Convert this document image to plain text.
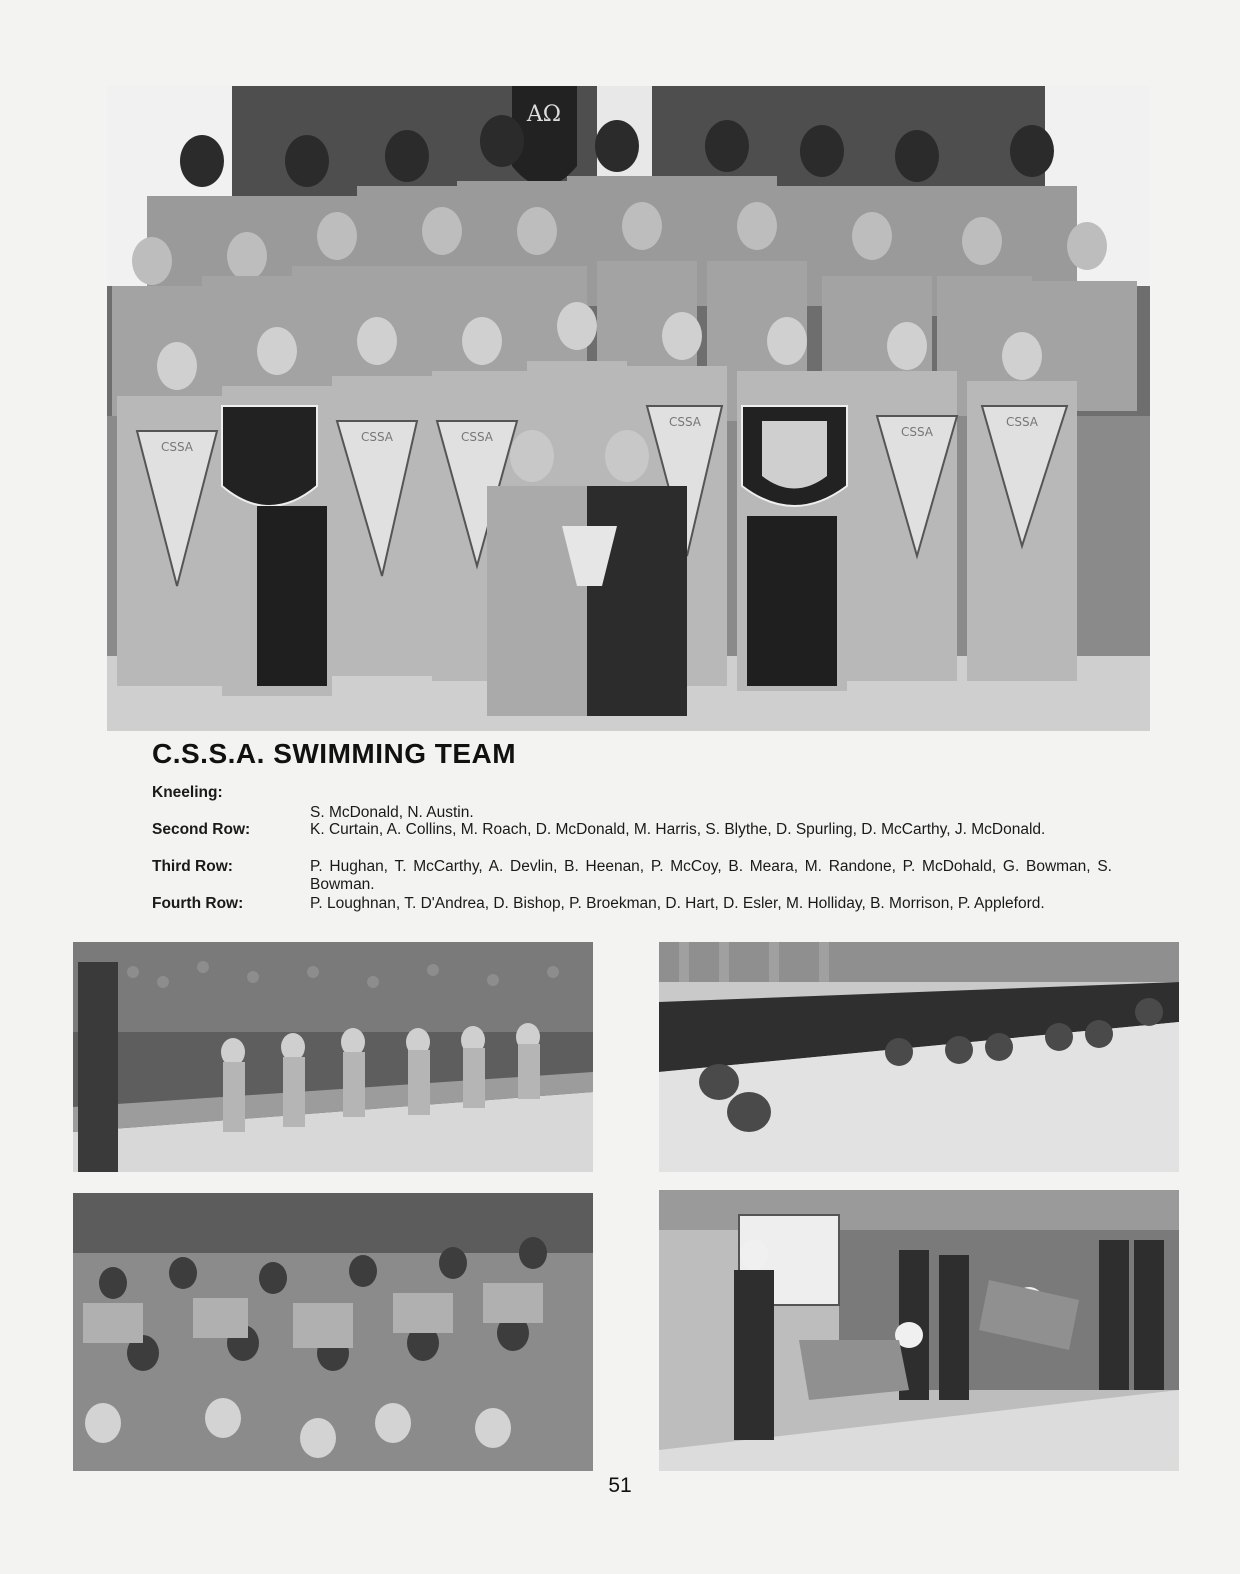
ΑΩ
CSSA
CSSA	CSSA
CSSA
CSSA
CSSA
C.S.S.A. SWIMMING TEAM
Kneeling:
S. McDonald, N. Austin.
Second Row:	K. Curtain, A. Collins, M. Roach, D. McDonald, M. Harris, S. Blythe, D. Spurling, D. McCarthy, J. McDonald.
Third Row:	P. Hughan, T. McCarthy, A. Devlin, B. Heenan, P. McCoy, B. Meara, M. Randone, P. McDohald, G. Bowman, S. Bowman.
Fourth Row:	P. Loughnan, T. D'Andrea, D. Bishop, P. Broekman, D. Hart, D. Esler, M. Holliday, B. Morrison, P. Appleford.
51
